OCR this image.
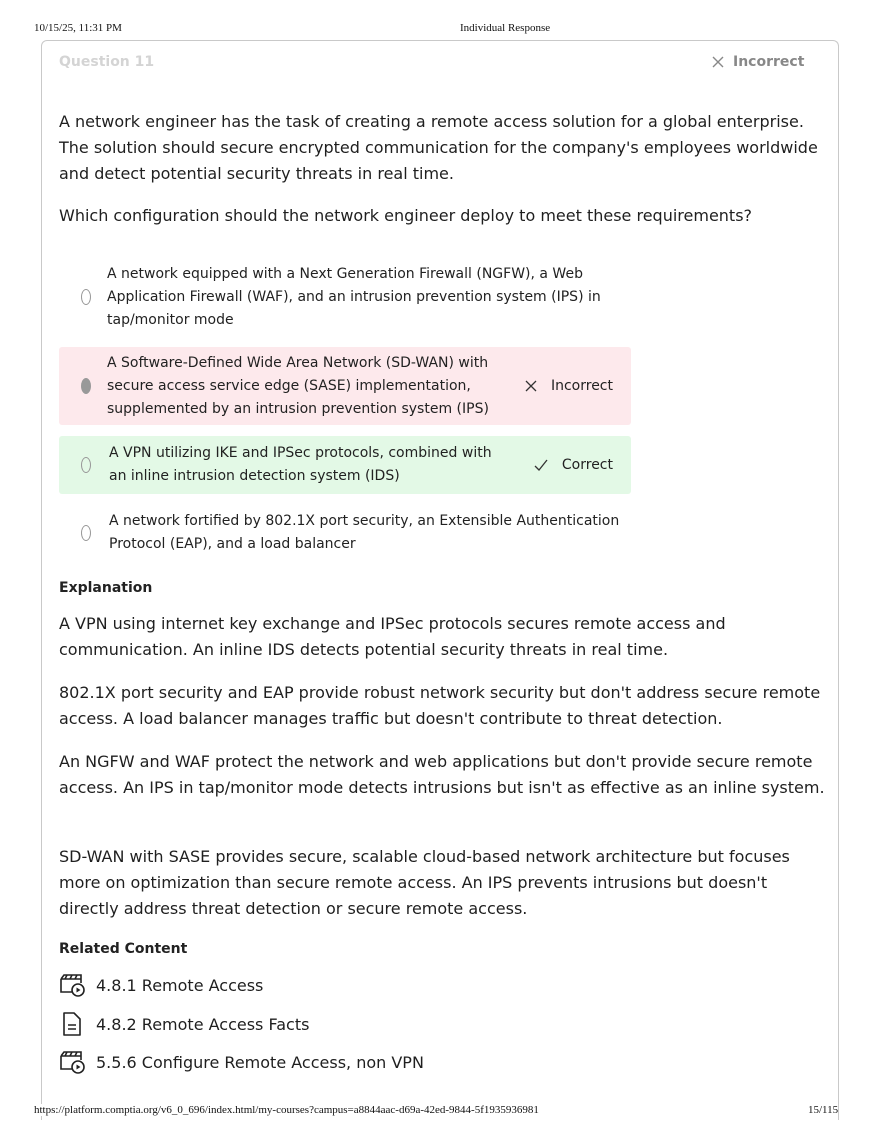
10/15/25, 11:31 PM	Individual Response
Question 11	Incorrect
A network engineer has the task of creating a remote access solution for a global enterprise. The solution should secure encrypted communication for the company's employees worldwide and detect potential security threats in real time.
Which configuration should the network engineer deploy to meet these requirements?
A network equipped with a Next Generation Firewall (NGFW), a Web Application Firewall (WAF), and an intrusion prevention system (IPS) in tap/monitor mode
A Software-Defined Wide Area Network (SD-WAN) with secure access service edge (SASE) implementation, supplemented by an intrusion prevention system (IPS)
Incorrect
A VPN utilizing IKE and IPSec protocols, combined with an inline intrusion detection system (IDS)
Correct
A network fortified by 802.1X port security, an Extensible Authentication Protocol (EAP), and a load balancer
Explanation
A VPN using internet key exchange and IPSec protocols secures remote access and communication. An inline IDS detects potential security threats in real time.
802.1X port security and EAP provide robust network security but don't address secure remote access. A load balancer manages traffic but doesn't contribute to threat detection.
An NGFW and WAF protect the network and web applications but don't provide secure remote access. An IPS in tap/monitor mode detects intrusions but isn't as effective as an inline system.
SD-WAN with SASE provides secure, scalable cloud-based network architecture but focuses more on optimization than secure remote access. An IPS prevents intrusions but doesn't directly address threat detection or secure remote access.
Related Content
4.8.1 Remote Access
4.8.2 Remote Access Facts
5.5.6 Configure Remote Access, non VPN
https://platform.comptia.org/v6_0_696/index.html/my-courses?campus=a8844aac-d69a-42ed-9844-5f1935936981	15/115
